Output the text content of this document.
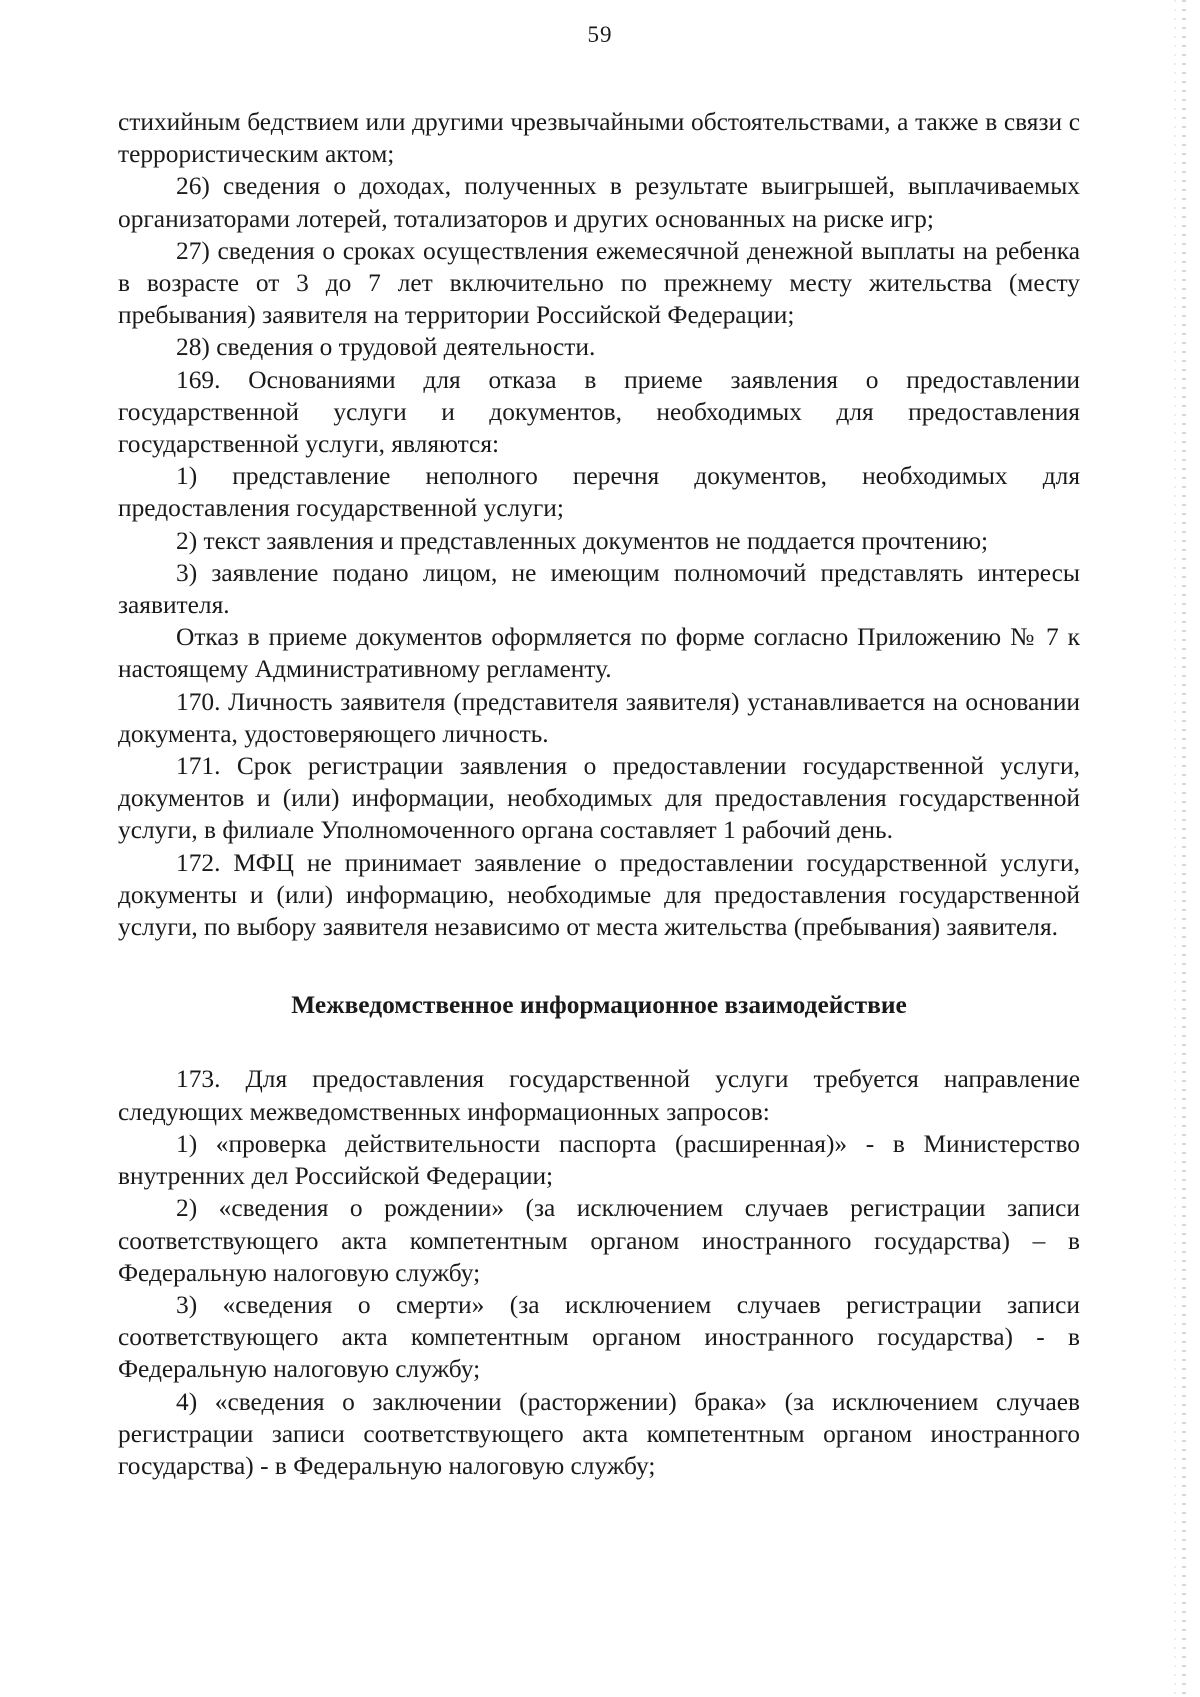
59

стихийным бедствием или другими чрезвычайными обстоятельствами, а также в связи с террористическим актом;

26) сведения о доходах, полученных в результате выигрышей, выплачиваемых организаторами лотерей, тотализаторов и других основанных на риске игр;

27) сведения о сроках осуществления ежемесячной денежной выплаты на ребенка в возрасте от 3 до 7 лет включительно по прежнему месту жительства (месту пребывания) заявителя на территории Российской Федерации;

28) сведения о трудовой деятельности.

169. Основаниями для отказа в приеме заявления о предоставлении государственной услуги и документов, необходимых для предоставления государственной услуги, являются:

1) представление неполного перечня документов, необходимых для предоставления государственной услуги;

2) текст заявления и представленных документов не поддается прочтению;

3) заявление подано лицом, не имеющим полномочий представлять интересы заявителя.

Отказ в приеме документов оформляется по форме согласно Приложению № 7 к настоящему Административному регламенту.

170. Личность заявителя (представителя заявителя) устанавливается на основании документа, удостоверяющего личность.

171. Срок регистрации заявления о предоставлении государственной услуги, документов и (или) информации, необходимых для предоставления государственной услуги, в филиале Уполномоченного органа составляет 1 рабочий день.

172. МФЦ не принимает заявление о предоставлении государственной услуги, документы и (или) информацию, необходимые для предоставления государственной услуги, по выбору заявителя независимо от места жительства (пребывания) заявителя.

Межведомственное информационное взаимодействие

173. Для предоставления государственной услуги требуется направление следующих межведомственных информационных запросов:

1) «проверка действительности паспорта (расширенная)» - в Министерство внутренних дел Российской Федерации;

2) «сведения о рождении» (за исключением случаев регистрации записи соответствующего акта компетентным органом иностранного государства) – в Федеральную налоговую службу;

3) «сведения о смерти» (за исключением случаев регистрации записи соответствующего акта компетентным органом иностранного государства) - в Федеральную налоговую службу;

4) «сведения о заключении (расторжении) брака» (за исключением случаев регистрации записи соответствующего акта компетентным органом иностранного государства) - в Федеральную налоговую службу;
